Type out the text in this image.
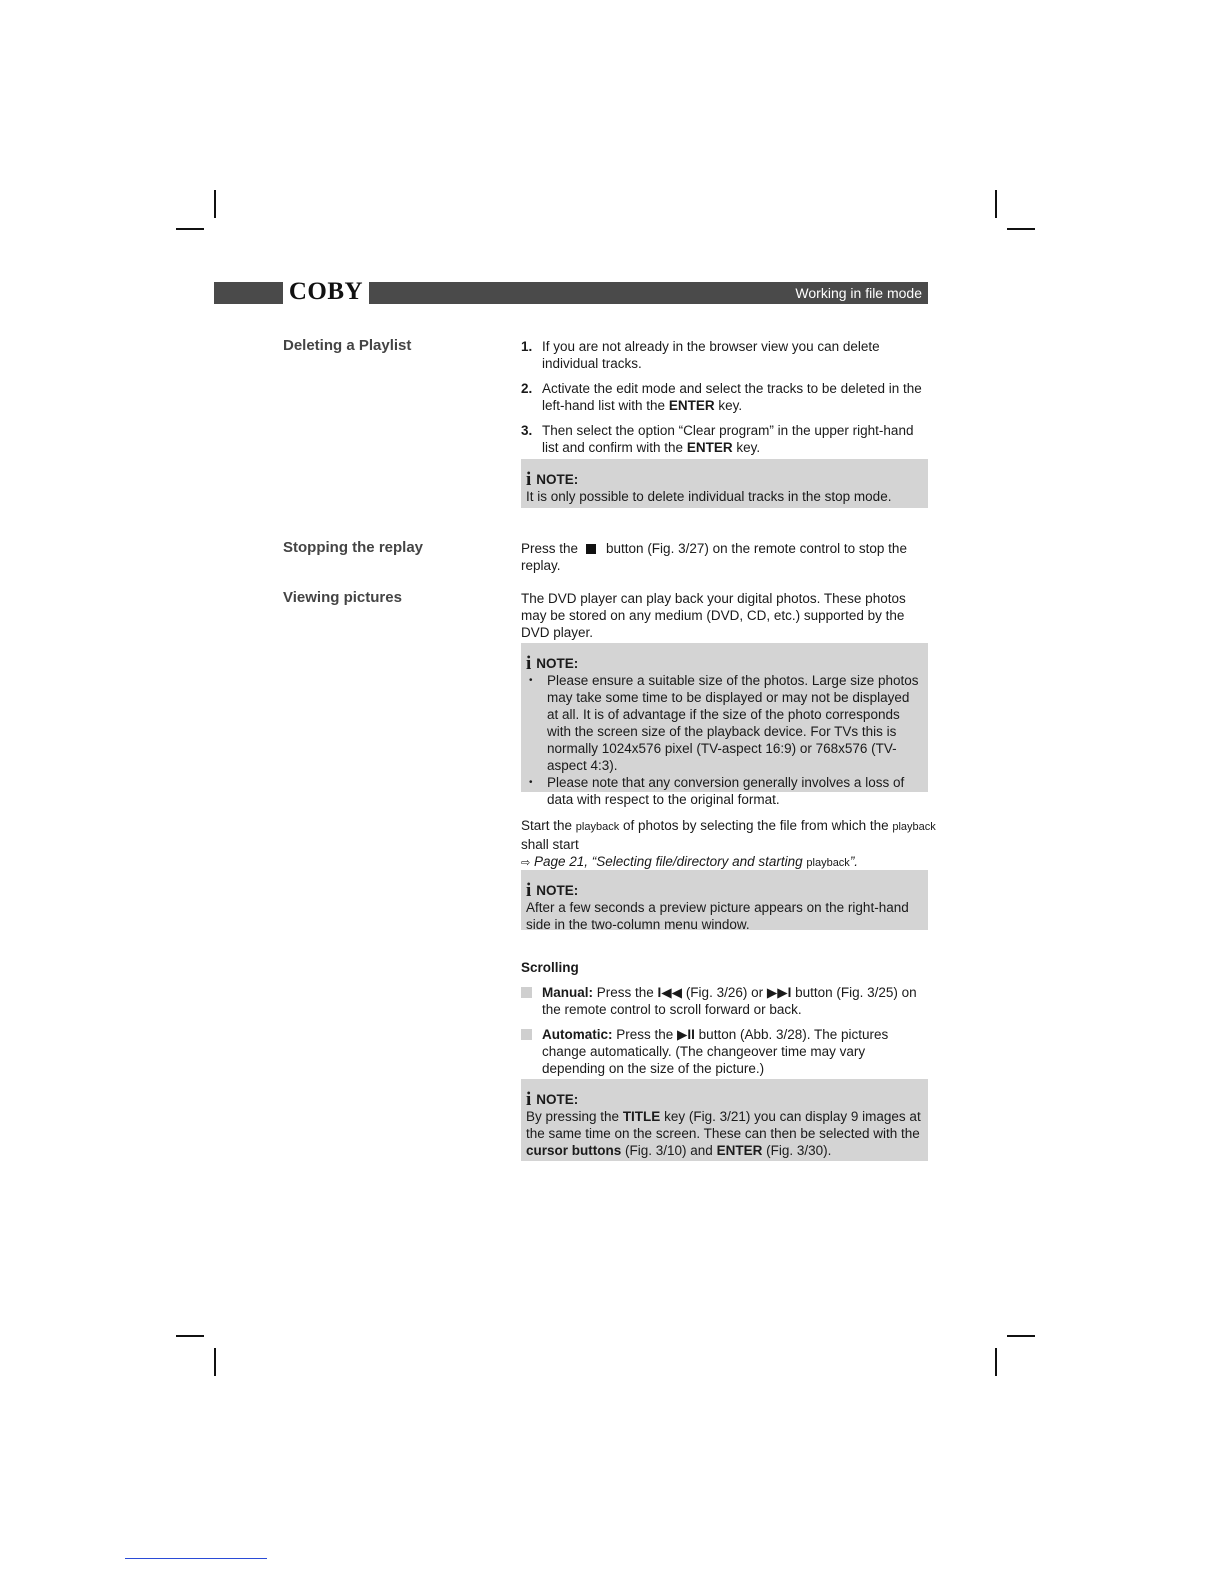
COBY	Working in file mode
Deleting a Playlist	1. If you are not already in the browser view you can delete individual tracks.
2. Activate the edit mode and select the tracks to be deleted in the left-hand list with the ENTER key.
3. Then select the option “Clear program” in the upper right-hand list and confirm with the ENTER key.
i NOTE:
It is only possible to delete individual tracks in the stop mode.
Stopping the replay	Press the button (Fig. 3/27) on the remote control to stop the replay.
Viewing pictures	The DVD player can play back your digital photos. These photos may be stored on any medium (DVD, CD, etc.) supported by the DVD player.
i NOTE:
• Please ensure a suitable size of the photos. Large size photos may take some time to be displayed or may not be displayed at all. It is of advantage if the size of the photo corresponds with the screen size of the playback device. For TVs this is normally 1024x576 pixel (TV-aspect 16:9) or 768x576 (TV-aspect 4:3).
• Please note that any conversion generally involves a loss of data with respect to the original format.
Start the playback of photos by selecting the file from which the playback shall start
⇨ Page 21, “Selecting file/directory and starting playback”.
i NOTE:
After a few seconds a preview picture appears on the right-hand side in the two-column menu window.
Scrolling
Manual: Press the I◀◀ (Fig. 3/26) or ▶▶I button (Fig. 3/25) on the remote control to scroll forward or back.
Automatic: Press the ▶II button (Abb. 3/28). The pictures change automatically. (The changeover time may vary depending on the size of the picture.)
i NOTE:
By pressing the TITLE key (Fig. 3/21) you can display 9 images at the same time on the screen. These can then be selected with the cursor buttons (Fig. 3/10) and ENTER (Fig. 3/30).
